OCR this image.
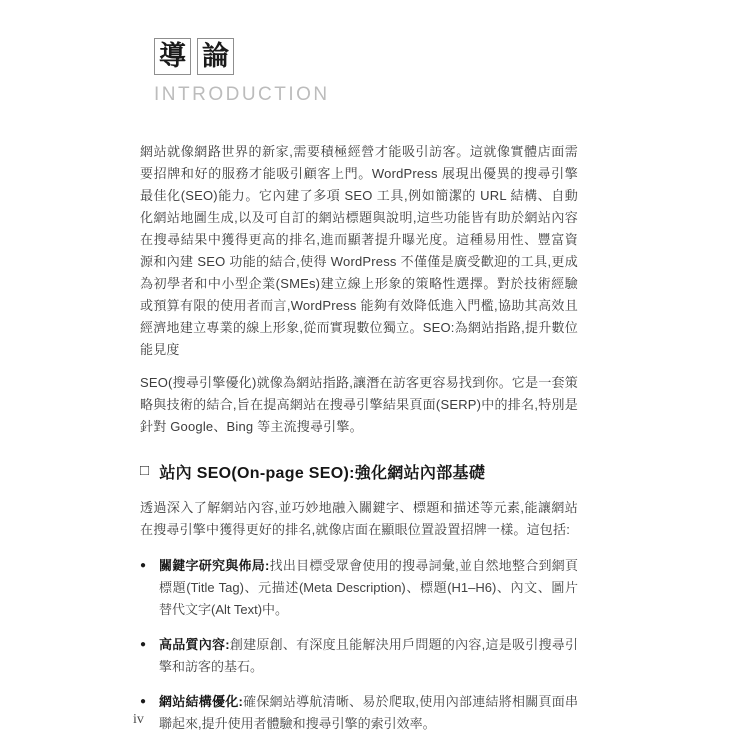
導 論
INTRODUCTION

網站就像網路世界的新家,需要積極經營才能吸引訪客。這就像實體店面需要招牌和好的服務才能吸引顧客上門。WordPress 展現出優異的搜尋引擎最佳化(SEO)能力。它內建了多項 SEO 工具,例如簡潔的 URL 結構、自動化網站地圖生成,以及可自訂的網站標題與說明,這些功能皆有助於網站內容在搜尋結果中獲得更高的排名,進而顯著提升曝光度。這種易用性、豐富資源和內建 SEO 功能的結合,使得 WordPress 不僅僅是廣受歡迎的工具,更成為初學者和中小型企業(SMEs)建立線上形象的策略性選擇。對於技術經驗或預算有限的使用者而言,WordPress 能夠有效降低進入門檻,協助其高效且經濟地建立專業的線上形象,從而實現數位獨立。SEO:為網站指路,提升數位能見度

SEO(搜尋引擎優化)就像為網站指路,讓潛在訪客更容易找到你。它是一套策略與技術的結合,旨在提高網站在搜尋引擎結果頁面(SERP)中的排名,特別是針對 Google、Bing 等主流搜尋引擎。

□ 站內 SEO(On-page SEO):強化網站內部基礎

透過深入了解網站內容,並巧妙地融入關鍵字、標題和描述等元素,能讓網站在搜尋引擎中獲得更好的排名,就像店面在顯眼位置設置招牌一樣。這包括:

● 關鍵字研究與佈局:找出目標受眾會使用的搜尋詞彙,並自然地整合到網頁標題(Title Tag)、元描述(Meta Description)、標題(H1–H6)、內文、圖片替代文字(Alt Text)中。
● 高品質內容:創建原創、有深度且能解決用戶問題的內容,這是吸引搜尋引擎和訪客的基石。
● 網站結構優化:確保網站導航清晰、易於爬取,使用內部連結將相關頁面串聯起來,提升使用者體驗和搜尋引擎的索引效率。
iv
